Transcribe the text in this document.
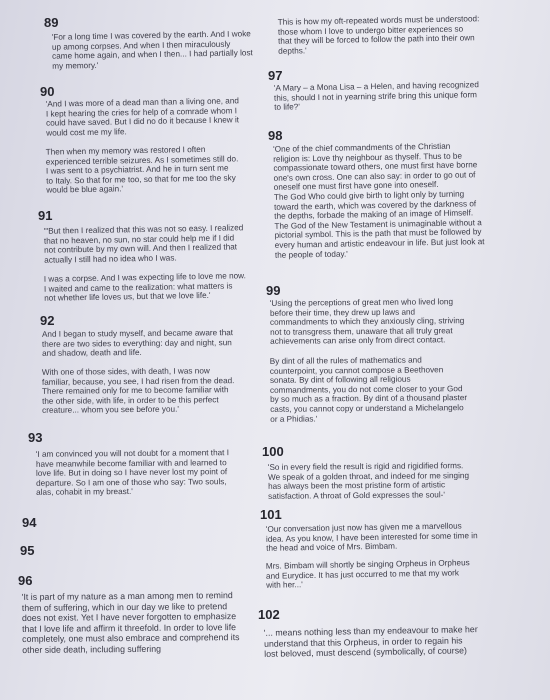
89

'For a long time I was covered by the earth. And I woke
up among corpses. And when I then miraculously
came home again, and when I then... I had partially lost
my memory.'

90

'And I was more of a dead man than a living one, and
I kept hearing the cries for help of a comrade whom I
could have saved. But I did no do it because I knew it
would cost me my life.

Then when my memory was restored I often
experienced terrible seizures. As I sometimes still do.
I was sent to a psychiatrist. And he in turn sent me
to Italy. So that for me too, so that for me too the sky
would be blue again.'

91

'"But then I realized that this was not so easy. I realized
that no heaven, no sun, no star could help me if I did
not contribute by my own will. And then I realized that
actually I still had no idea who I was.

I was a corpse. And I was expecting life to love me now.
I waited and came to the realization: what matters is
not whether life loves us, but that we love life.'

92

And I began to study myself, and became aware that
there are two sides to everything: day and night, sun
and shadow, death and life.

With one of those sides, with death, I was now
familiar, because, you see, I had risen from the dead.
There remained only for me to become familiar with
the other side, with life, in order to be this perfect
creature... whom you see before you.'

93

'I am convinced you will not doubt for a moment that I
have meanwhile become familiar with and learned to
love life. But in doing so I have never lost my point of
departure. So I am one of those who say: Two souls,
alas, cohabit in my breast.'

94
95
96

'It is part of my nature as a man among men to remind
them of suffering, which in our day we like to pretend
does not exist. Yet I have never forgotten to emphasize
that I love life and affirm it threefold. In order to love life
completely, one must also embrace and comprehend its
other side death, including suffering

This is how my oft-repeated words must be understood:
those whom I love to undergo bitter experiences so
that they will be forced to follow the path into their own
depths.'

97

'A Mary – a Mona Lisa – a Helen, and having recognized
this, should I not in yearning strife bring this unique form
to life?'

98

'One of the chief commandments of the Christian
religion is: Love thy neighbour as thyself. Thus to be
compassionate toward others, one must first have borne
one's own cross. One can also say: in order to go out of
oneself one must first have gone into oneself.
The God Who could give birth to light only by turning
toward the earth, which was covered by the darkness of
the depths, forbade the making of an image of Himself.
The God of the New Testament is unimaginable without a
pictorial symbol. This is the path that must be followed by
every human and artistic endeavour in life. But just look at
the people of today.'

99

'Using the perceptions of great men who lived long
before their time, they drew up laws and
commandments to which they anxiously cling, striving
not to transgress them, unaware that all truly great
achievements can arise only from direct contact.

By dint of all the rules of mathematics and
counterpoint, you cannot compose a Beethoven
sonata. By dint of following all religious
commandments, you do not come closer to your God
by so much as a fraction. By dint of a thousand plaster
casts, you cannot copy or understand a Michelangelo
or a Phidias.'

100

'So in every field the result is rigid and rigidified forms.
We speak of a golden throat, and indeed for me singing
has always been the most pristine form of artistic
satisfaction. A throat of Gold expresses the soul-'

101

'Our conversation just now has given me a marvellous
idea. As you know, I have been interested for some time in
the head and voice of Mrs. Bimbam.

Mrs. Bimbam will shortly be singing Orpheus in Orpheus
and Eurydice. It has just occurred to me that my work
with her...'

102

'... means nothing less than my endeavour to make her
understand that this Orpheus, in order to regain his
lost beloved, must descend (symbolically, of course)
